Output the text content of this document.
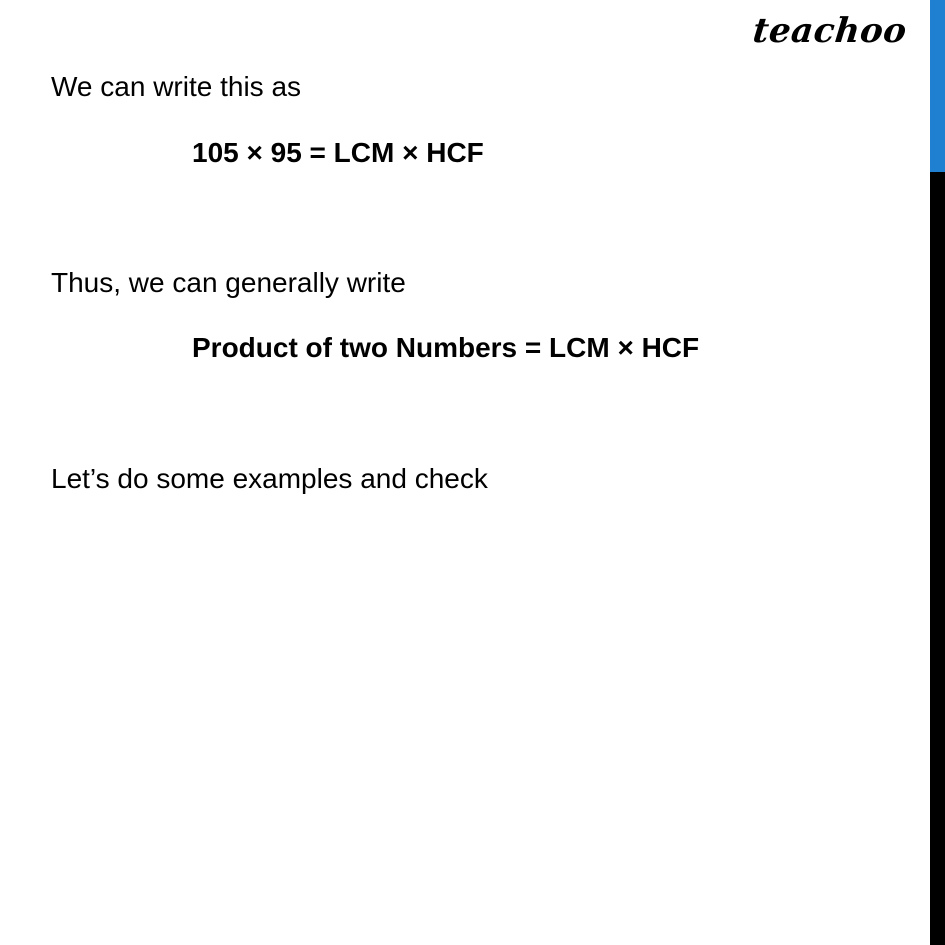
teachoo
We can write this as
105 × 95 = LCM × HCF
Thus, we can generally write
Product of two Numbers = LCM × HCF
Let’s do some examples and check
